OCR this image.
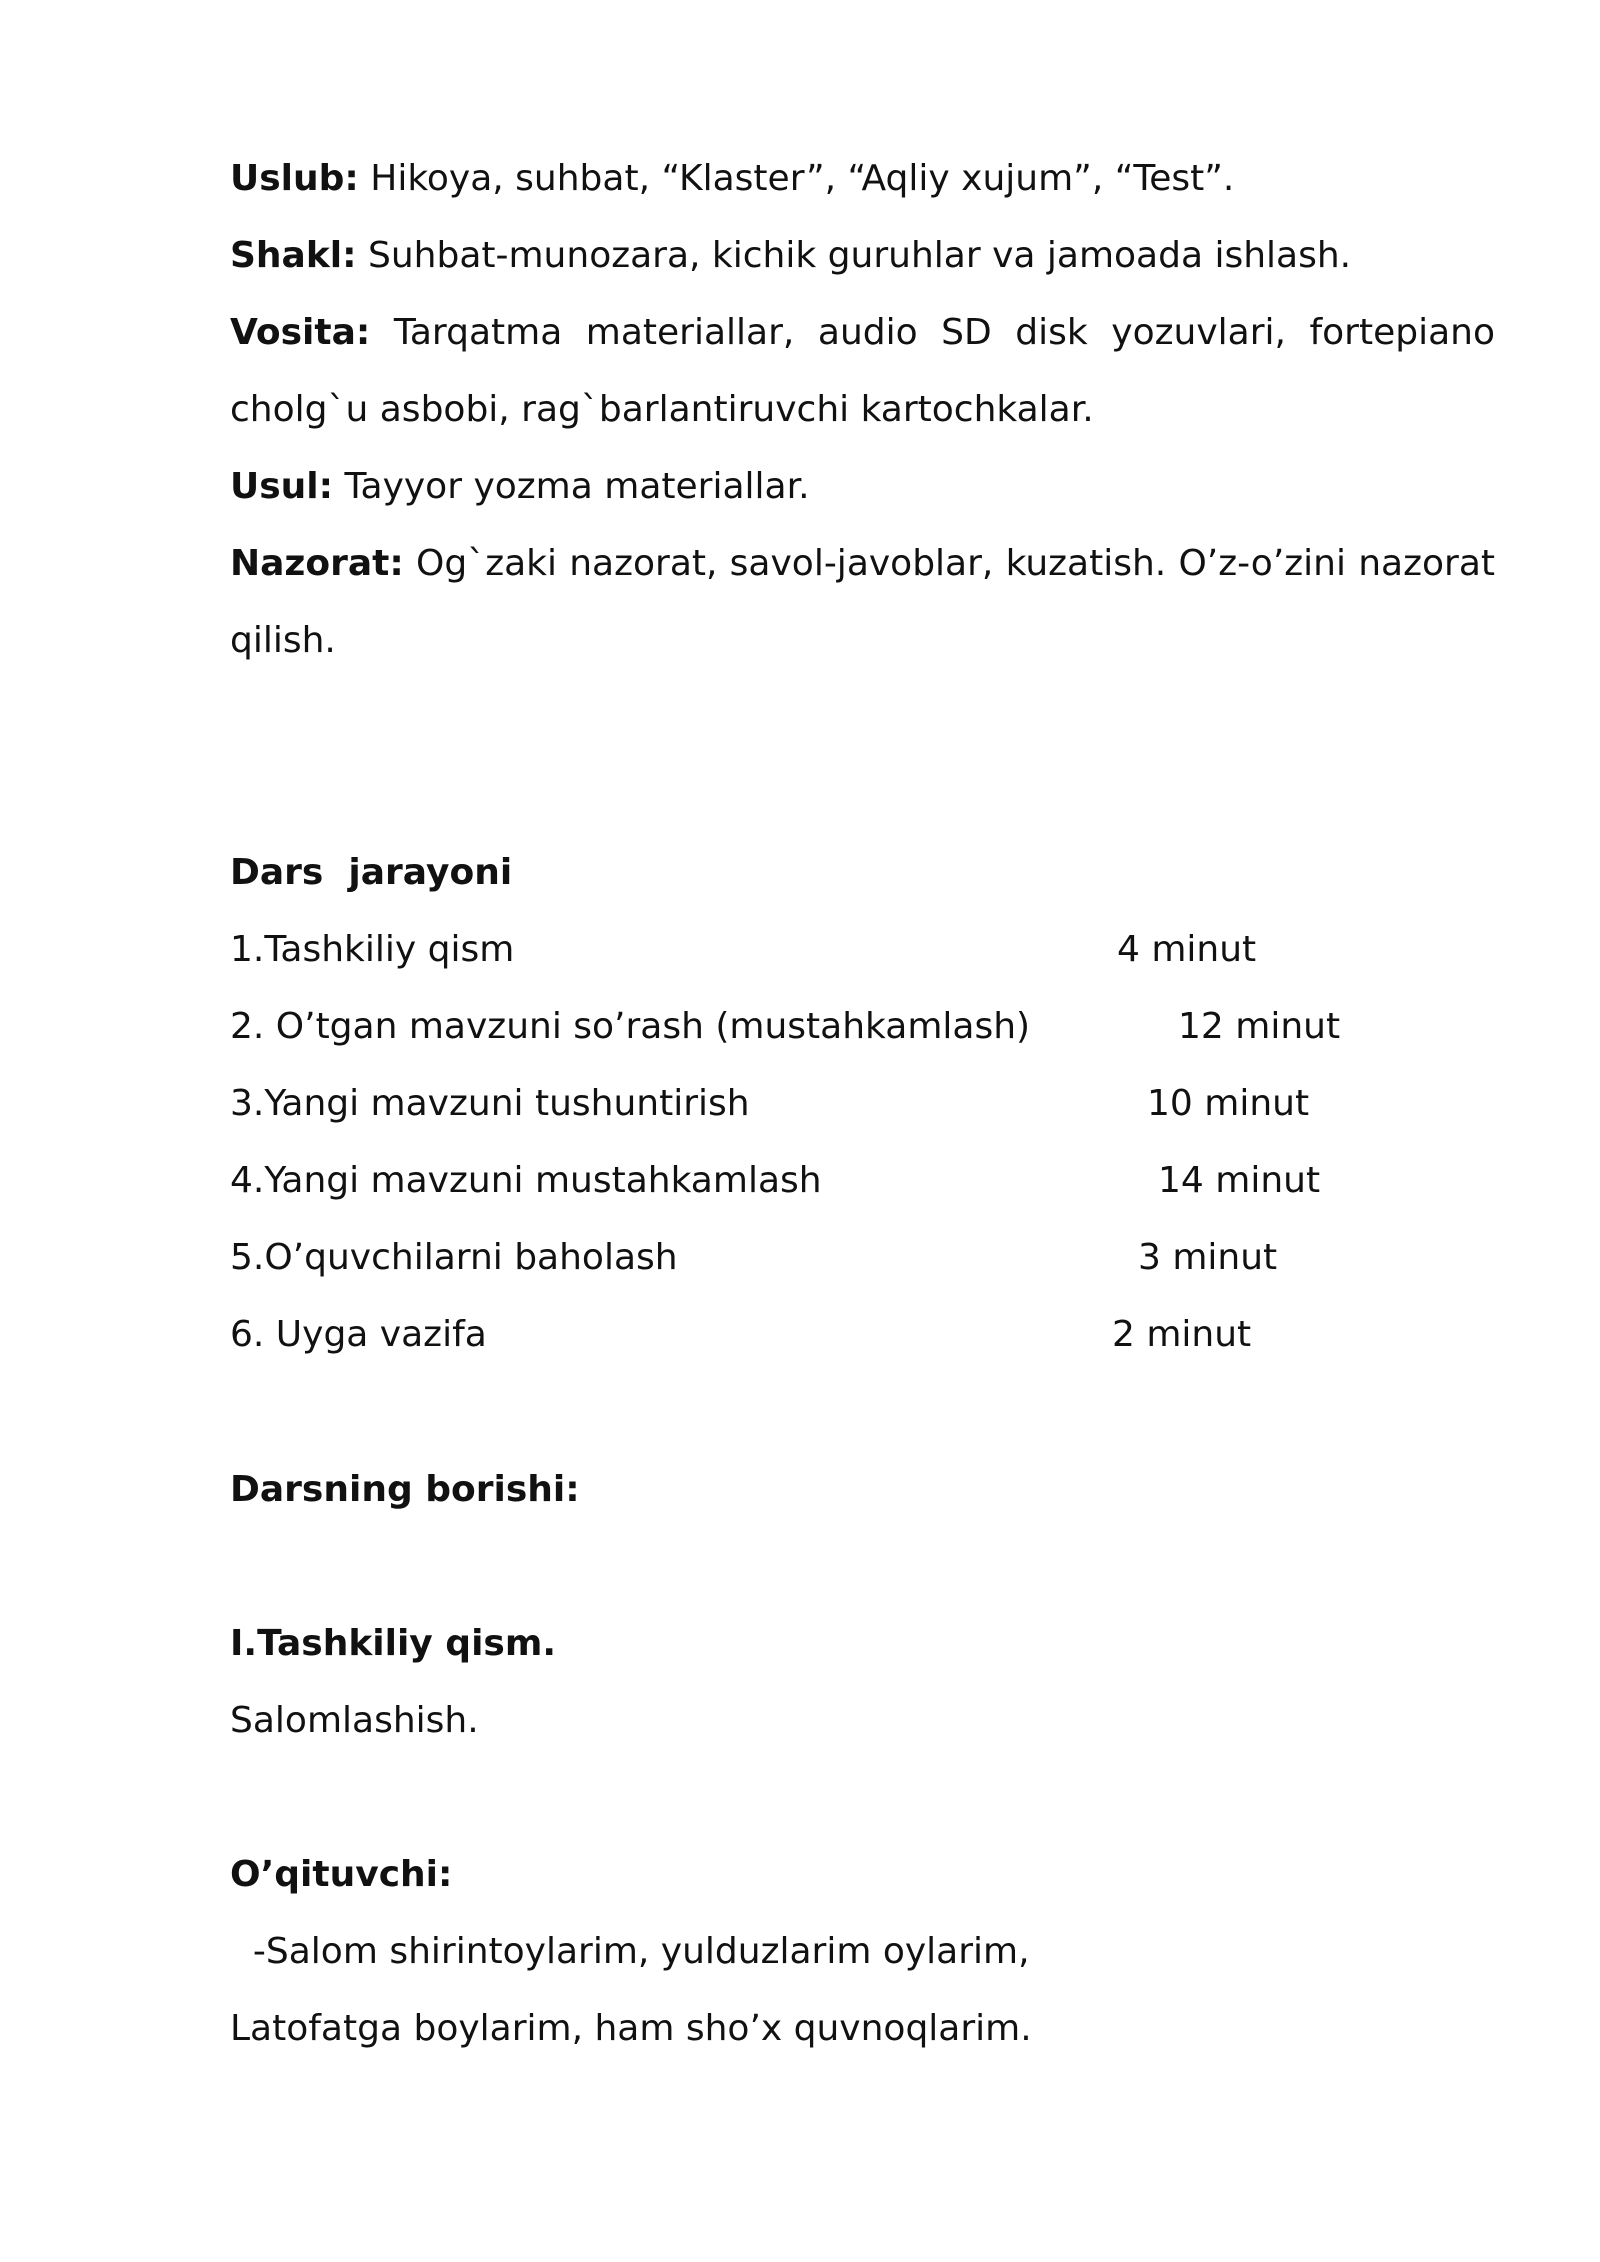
Uslub: Hikoya, suhbat, “Klaster”, “Aqliy xujum”, “Test”.
Shakl: Suhbat-munozara, kichik guruhlar va jamoada ishlash.
Vosita: Tarqatma materiallar, audio SD disk yozuvlari, fortepiano
cholg`u asbobi, rag`barlantiruvchi kartochkalar.
Usul: Tayyor yozma materiallar.
Nazorat: Og`zaki nazorat, savol-javoblar, kuzatish. O’z-o’zini nazorat
qilish.
Dars  jarayoni
1.Tashkiliy qism	4 minut
2. O’tgan mavzuni so’rash (mustahkamlash)	12 minut
3.Yangi mavzuni tushuntirish	10 minut
4.Yangi mavzuni mustahkamlash	14 minut
5.O’quvchilarni baholash	3 minut
6. Uyga vazifa	2 minut
Darsning borishi:
I.Tashkiliy qism.
Salomlashish.
O’qituvchi:
-Salom shirintoylarim, yulduzlarim oylarim,
Latofatga boylarim, ham sho’x quvnoqlarim.
